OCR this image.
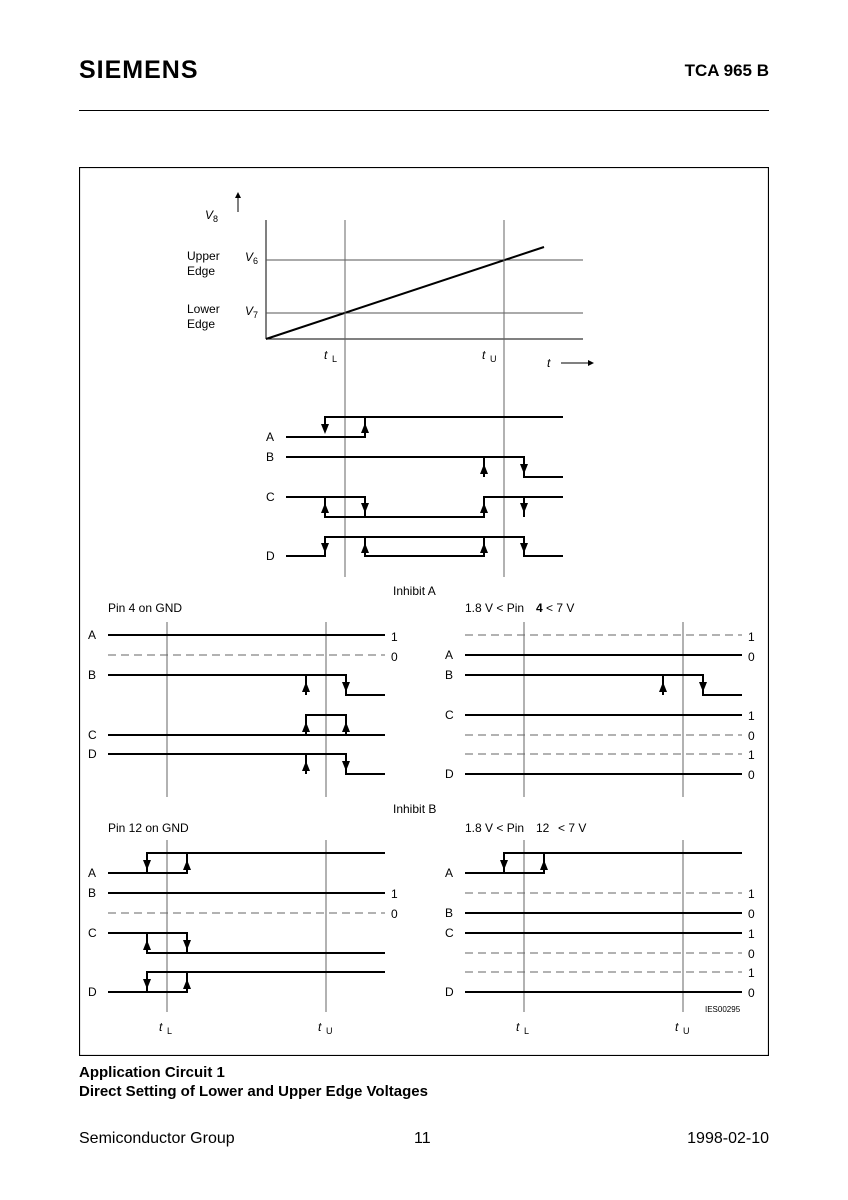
SIEMENS	TCA 965 B
V 8
Upper
Edge
Lower
Edge
V 6
V 7
t L	t U	t
A
B
C
D
Inhibit A
Pin 4 on GND	1.8 V < Pin 4 < 7 V
A
B
C
D
1
0	A
B
C
D
1
0
1
0
1
0
Inhibit B
Pin 12 on GND	1.8 V < Pin 12 < 7 V
A
B
C
D
1
0
A
B
C
D
1
0
1
0
1
0
t L	t U	t L	t U
IES00295
Application Circuit 1
Direct Setting of Lower and Upper Edge Voltages
Semiconductor Group	11	1998-02-10
